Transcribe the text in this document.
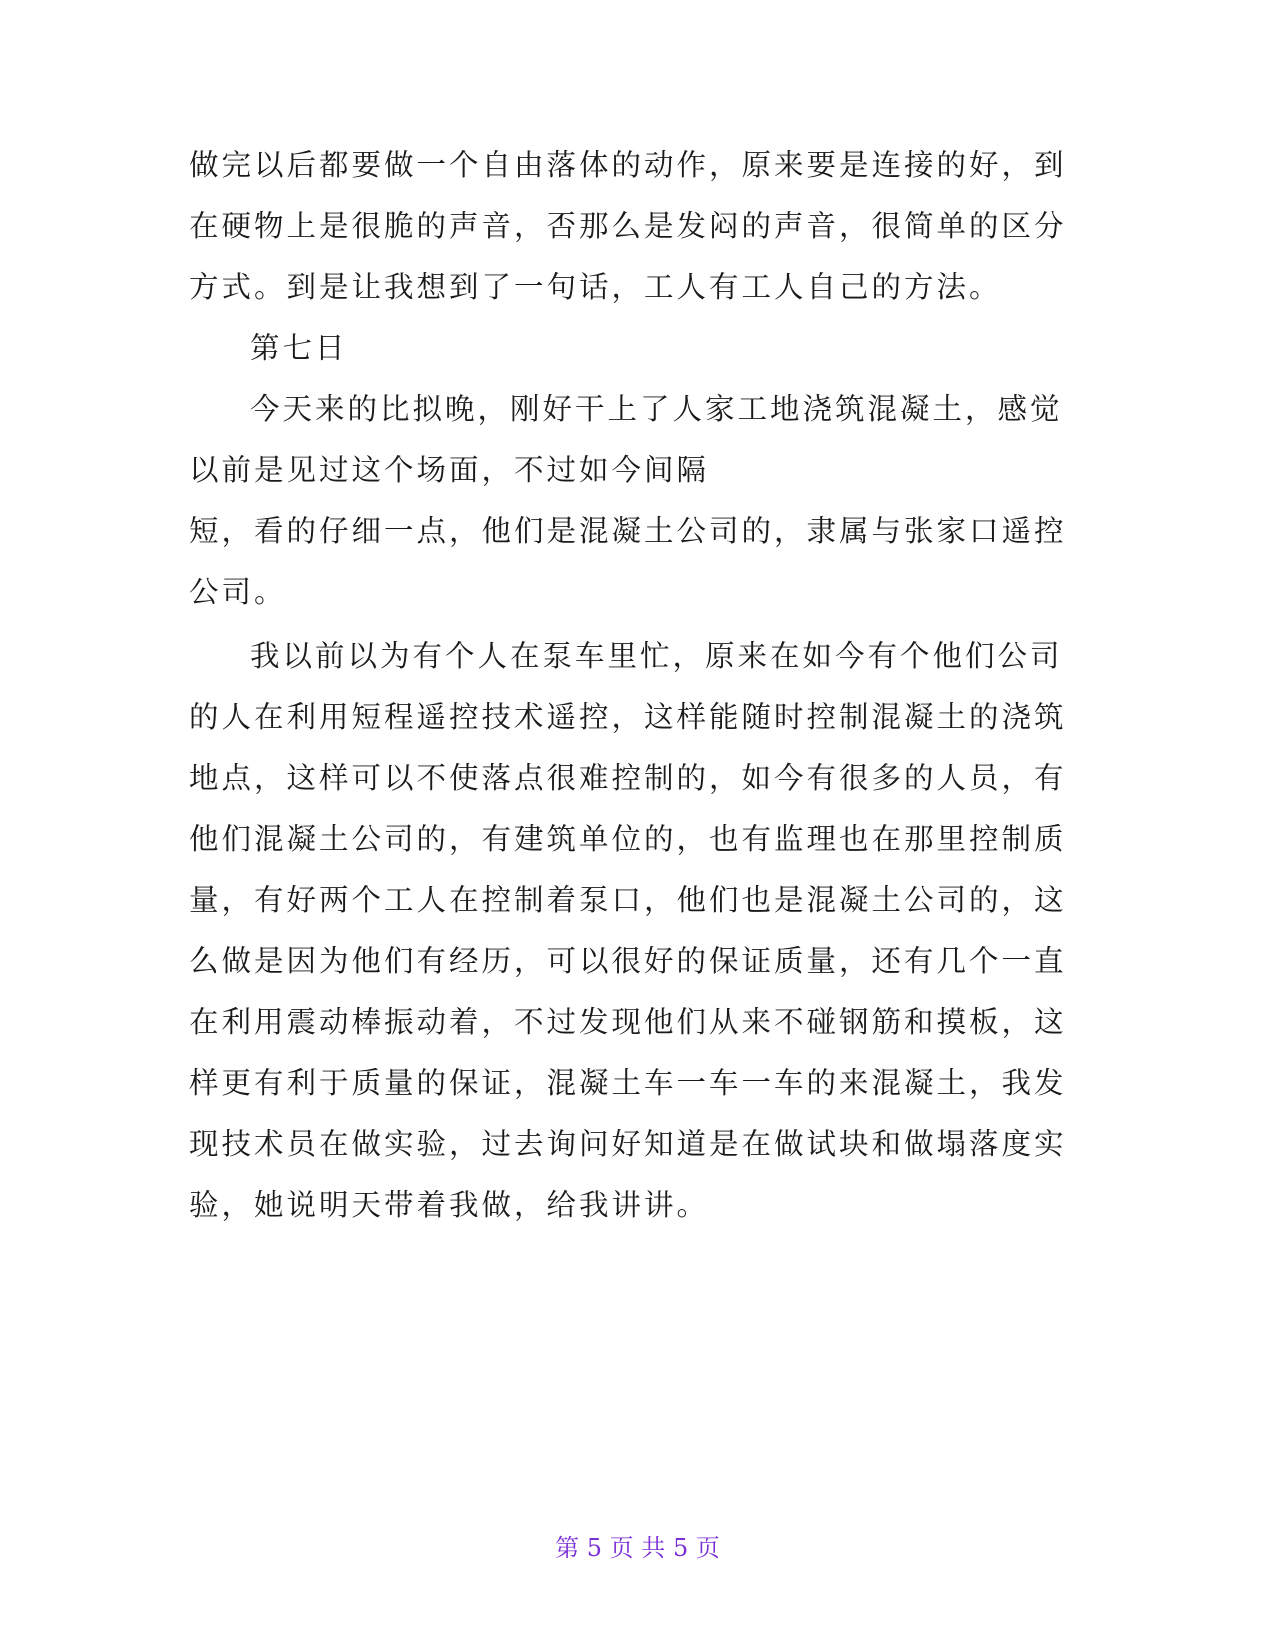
做完以后都要做一个自由落体的动作，原来要是连接的好，到

在硬物上是很脆的声音，否那么是发闷的声音，很简单的区分

方式。到是让我想到了一句话，工人有工人自己的方法。

第七日

今天来的比拟晚，刚好干上了人家工地浇筑混凝土，感觉

以前是见过这个场面，不过如今间隔

短，看的仔细一点，他们是混凝土公司的，隶属与张家口遥控

公司。

我以前以为有个人在泵车里忙，原来在如今有个他们公司

的人在利用短程遥控技术遥控，这样能随时控制混凝土的浇筑

地点，这样可以不使落点很难控制的，如今有很多的人员，有

他们混凝土公司的，有建筑单位的，也有监理也在那里控制质

量，有好两个工人在控制着泵口，他们也是混凝土公司的，这

么做是因为他们有经历，可以很好的保证质量，还有几个一直

在利用震动棒振动着，不过发现他们从来不碰钢筋和摸板，这

样更有利于质量的保证，混凝土车一车一车的来混凝土，我发

现技术员在做实验，过去询问好知道是在做试块和做塌落度实

验，她说明天带着我做，给我讲讲。

第 5 页 共 5 页
